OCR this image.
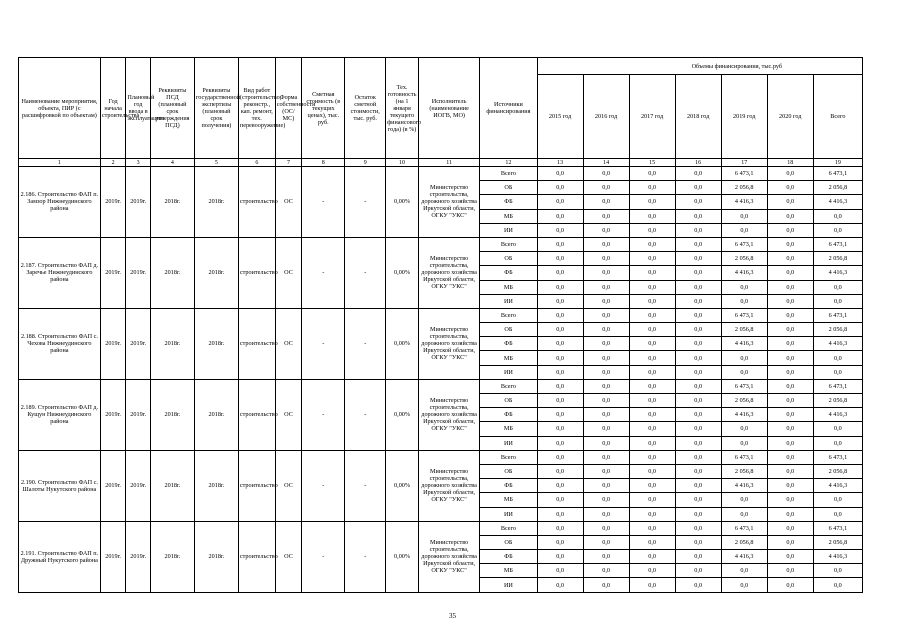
Наименование мероприятия, объекта, ПИР (с расшифровкой по объектам)	Год начала строительства	Плановый год ввода в эксплуатацию	Реквизиты ПСД (плановый срок утверждения ПСД)	Реквизиты государственной экспертизы (плановый срок получения)	Вид работ (строительство, реконстр., кап. ремонт, тех. перевооружение)	Форма собственности (ОС/МС)	Сметная стоимость (в текущих ценах), тыс. руб.	Остаток сметной стоимости, тыс. руб.	Тех. готовность (на 1 января текущего финансового года) (в %)	Исполнитель (наименование ИОГВ, МО)	Источники финансирования	Объемы финансирования, тыс.руб						
												2015 год	2016 год	2017 год	2018 год	2019 год	2020 год	Всего
1	2	3	4	5	6	7	8	9	10	11	12	13	14	15	16	17	18	19
2.186. Строительство ФАП п. Замзор Нижнеудинского района	2019г.	2019г.	2018г.	2018г.	строительство	ОС	-	-	0,00%	Министерство строительства, дорожного хозяйства Иркутской области, ОГКУ "УКС"	Всего	0,0	0,0	0,0	0,0	6 473,1	0,0	6 473,1
											ОБ	0,0	0,0	0,0	0,0	2 056,8	0,0	2 056,8
											ФБ	0,0	0,0	0,0	0,0	4 416,3	0,0	4 416,3
											МБ	0,0	0,0	0,0	0,0	0,0	0,0	0,0
											ИИ	0,0	0,0	0,0	0,0	0,0	0,0	0,0
2.187. Строительство ФАП д. Заречье Нижнеудинского района	2019г.	2019г.	2018г.	2018г.	строительство	ОС	-	-	0,00%	Министерство строительства, дорожного хозяйства Иркутской области, ОГКУ "УКС"	Всего	0,0	0,0	0,0	0,0	6 473,1	0,0	6 473,1
											ОБ	0,0	0,0	0,0	0,0	2 056,8	0,0	2 056,8
											ФБ	0,0	0,0	0,0	0,0	4 416,3	0,0	4 416,3
											МБ	0,0	0,0	0,0	0,0	0,0	0,0	0,0
											ИИ	0,0	0,0	0,0	0,0	0,0	0,0	0,0
2.188. Строительство ФАП с. Чехова Нижнеудинского района	2019г.	2019г.	2018г.	2018г.	строительство	ОС	-	-	0,00%	Министерство строительства, дорожного хозяйства Иркутской области, ОГКУ "УКС"	Всего	0,0	0,0	0,0	0,0	6 473,1	0,0	6 473,1
											ОБ	0,0	0,0	0,0	0,0	2 056,8	0,0	2 056,8
											ФБ	0,0	0,0	0,0	0,0	4 416,3	0,0	4 416,3
											МБ	0,0	0,0	0,0	0,0	0,0	0,0	0,0
											ИИ	0,0	0,0	0,0	0,0	0,0	0,0	0,0
2.189. Строительство ФАП д. Кущун Нижнеудинского района	2019г.	2019г.	2018г.	2018г.	строительство	ОС	-	-	0,00%	Министерство строительства, дорожного хозяйства Иркутской области, ОГКУ "УКС"	Всего	0,0	0,0	0,0	0,0	6 473,1	0,0	6 473,1
											ОБ	0,0	0,0	0,0	0,0	2 056,8	0,0	2 056,8
											ФБ	0,0	0,0	0,0	0,0	4 416,3	0,0	4 416,3
											МБ	0,0	0,0	0,0	0,0	0,0	0,0	0,0
											ИИ	0,0	0,0	0,0	0,0	0,0	0,0	0,0
2.190. Строительство ФАП с. Шалоты Нукутского района	2019г.	2019г.	2018г.	2018г.	строительство	ОС	-	-	0,00%	Министерство строительства, дорожного хозяйства Иркутской области, ОГКУ "УКС"	Всего	0,0	0,0	0,0	0,0	6 473,1	0,0	6 473,1
											ОБ	0,0	0,0	0,0	0,0	2 056,8	0,0	2 056,8
											ФБ	0,0	0,0	0,0	0,0	4 416,3	0,0	4 416,3
											МБ	0,0	0,0	0,0	0,0	0,0	0,0	0,0
											ИИ	0,0	0,0	0,0	0,0	0,0	0,0	0,0
2.191. Строительство ФАП п. Дружный Нукутского района	2019г.	2019г.	2018г.	2018г.	строительство	ОС	-	-	0,00%	Министерство строительства, дорожного хозяйства Иркутской области, ОГКУ "УКС"	Всего	0,0	0,0	0,0	0,0	6 473,1	0,0	6 473,1
											ОБ	0,0	0,0	0,0	0,0	2 056,8	0,0	2 056,8
											ФБ	0,0	0,0	0,0	0,0	4 416,3	0,0	4 416,3
											МБ	0,0	0,0	0,0	0,0	0,0	0,0	0,0
											ИИ	0,0	0,0	0,0	0,0	0,0	0,0	0,0
35
